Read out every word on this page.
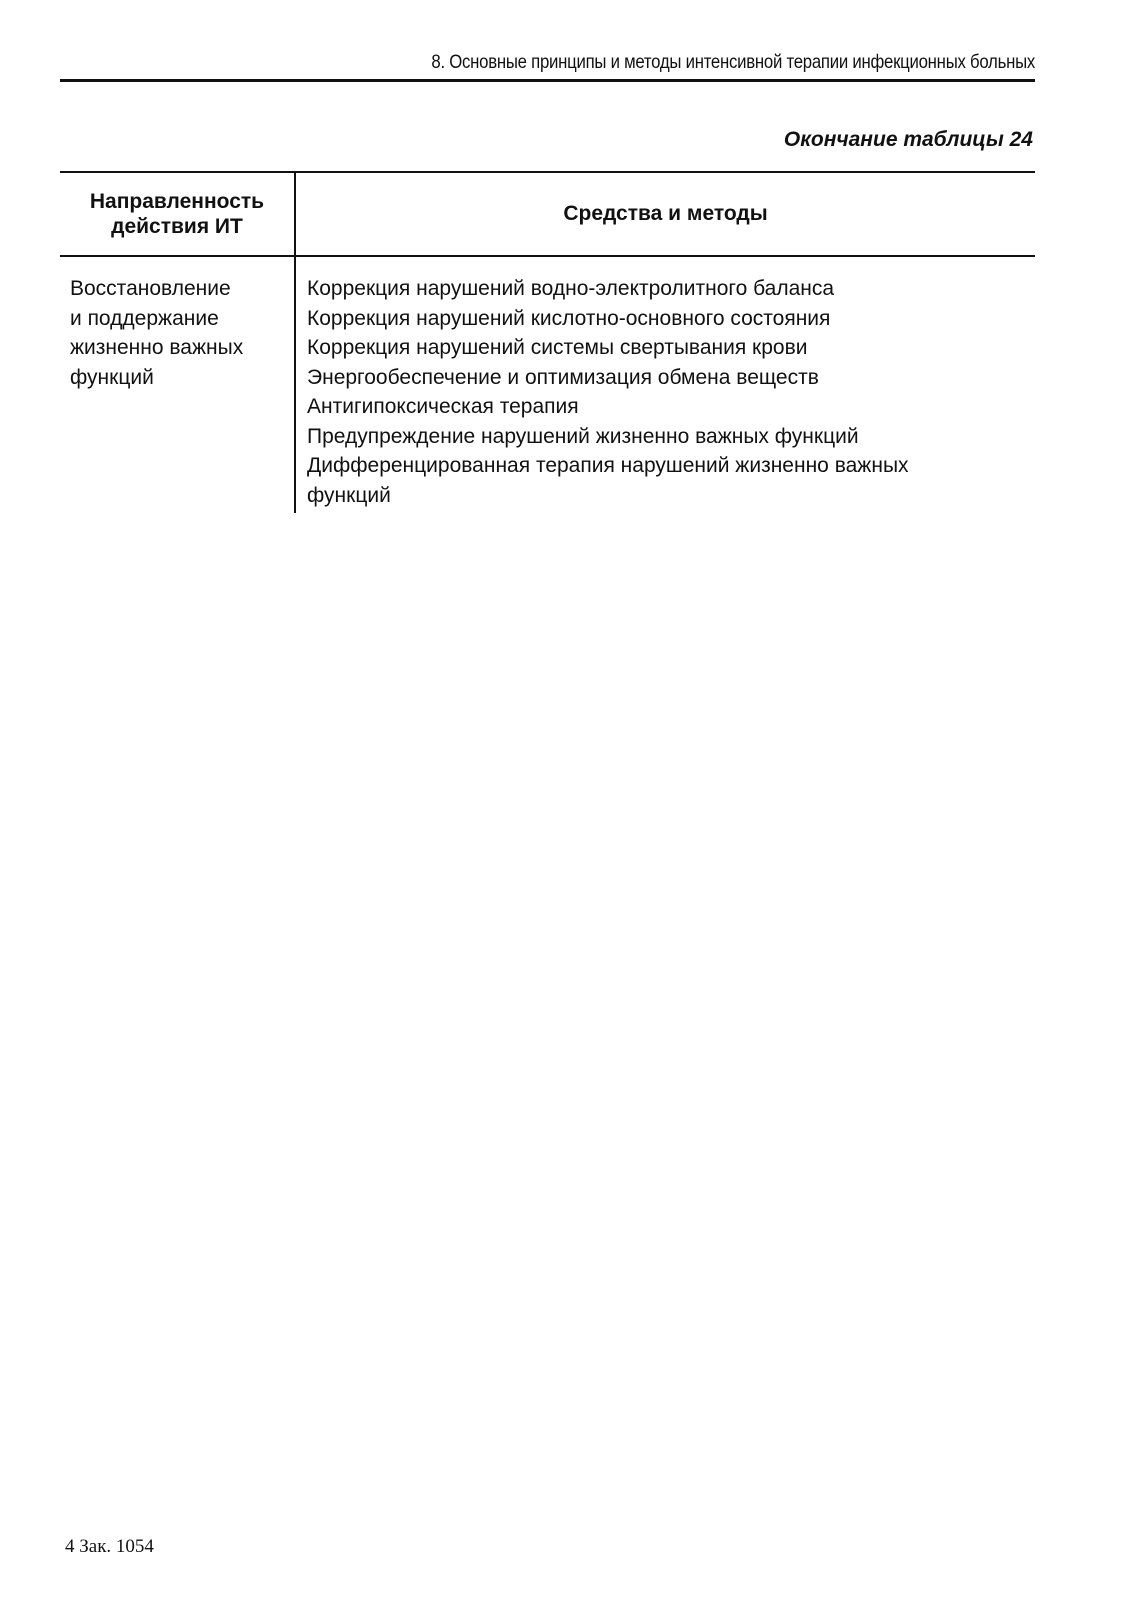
8. Основные принципы и методы интенсивной терапии инфекционных больных
Окончание таблицы 24
Направленность
действия ИТ
Средства и методы
Восстановление
и поддержание
жизненно важных
функций
Коррекция нарушений водно-электролитного баланса
Коррекция нарушений кислотно-основного состояния
Коррекция нарушений системы свертывания крови
Энергообеспечение и оптимизация обмена веществ
Антигипоксическая терапия
Предупреждение нарушений жизненно важных функций
Дифференцированная терапия нарушений жизненно важных
функций
4 Зак. 1054
